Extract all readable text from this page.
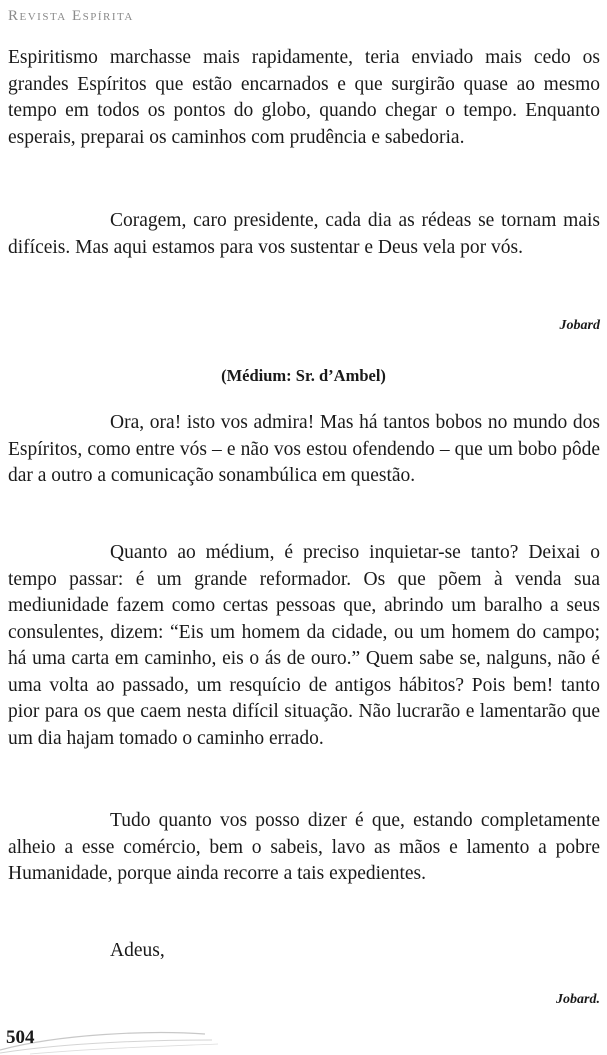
Revista Espírita

Espiritismo marchasse mais rapidamente, teria enviado mais cedo os grandes Espíritos que estão encarnados e que surgirão quase ao mesmo tempo em todos os pontos do globo, quando chegar o tempo. Enquanto esperais, preparai os caminhos com prudência e sabedoria.

Coragem, caro presidente, cada dia as rédeas se tornam mais difíceis. Mas aqui estamos para vos sustentar e Deus vela por vós.

Jobard
(Médium: Sr. d’Ambel)

Ora, ora! isto vos admira! Mas há tantos bobos no mundo dos Espíritos, como entre vós – e não vos estou ofendendo – que um bobo pôde dar a outro a comunicação sonambúlica em questão.

Quanto ao médium, é preciso inquietar-se tanto? Deixai o tempo passar: é um grande reformador. Os que põem à venda sua mediunidade fazem como certas pessoas que, abrindo um baralho a seus consulentes, dizem: “Eis um homem da cidade, ou um homem do campo; há uma carta em caminho, eis o ás de ouro.” Quem sabe se, nalguns, não é uma volta ao passado, um resquício de antigos hábitos? Pois bem! tanto pior para os que caem nesta difícil situação. Não lucrarão e lamentarão que um dia hajam tomado o caminho errado.

Tudo quanto vos posso dizer é que, estando completamente alheio a esse comércio, bem o sabeis, lavo as mãos e lamento a pobre Humanidade, porque ainda recorre a tais expedientes.

Adeus,

Jobard.
504
